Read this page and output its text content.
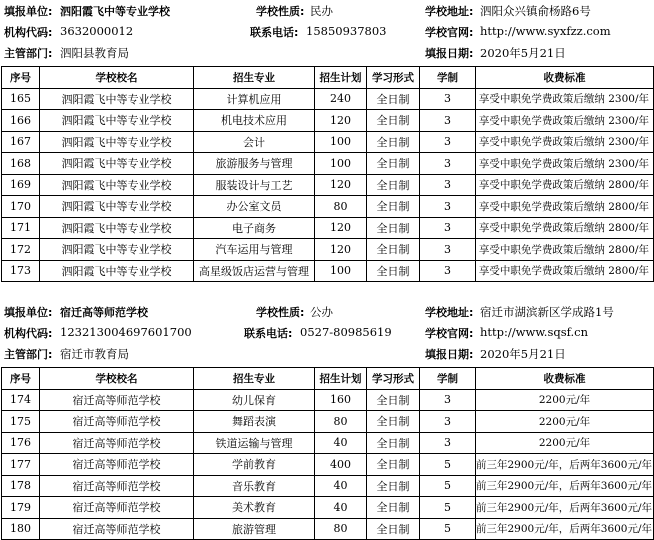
填报单位: 泗阳霞飞中等专业学校	学校性质: 民办	学校地址: 泗阳众兴镇俞杨路6号
机构代码: 3632000012	联系电话: 15850937803	学校官网: http://www.syxfzz.com
主管部门: 泗阳县教育局	填报日期: 2020年5月21日
序号	学校校名	招生专业	招生计划	学习形式	学制	收费标准
165	泗阳霞飞中等专业学校	计算机应用	240	全日制	3	享受中职免学费政策后缴纳 2300/年
166	泗阳霞飞中等专业学校	机电技术应用	120	全日制	3	享受中职免学费政策后缴纳 2300/年
167	泗阳霞飞中等专业学校	会计	100	全日制	3	享受中职免学费政策后缴纳 2300/年
168	泗阳霞飞中等专业学校	旅游服务与管理	100	全日制	3	享受中职免学费政策后缴纳 2300/年
169	泗阳霞飞中等专业学校	服装设计与工艺	120	全日制	3	享受中职免学费政策后缴纳 2800/年
170	泗阳霞飞中等专业学校	办公室文员	80	全日制	3	享受中职免学费政策后缴纳 2800/年
171	泗阳霞飞中等专业学校	电子商务	120	全日制	3	享受中职免学费政策后缴纳 2800/年
172	泗阳霞飞中等专业学校	汽车运用与管理	120	全日制	3	享受中职免学费政策后缴纳 2800/年
173	泗阳霞飞中等专业学校	高星级饭店运营与管理	100	全日制	3	享受中职免学费政策后缴纳 2800/年
填报单位: 宿迁高等师范学校	学校性质: 公办	学校地址: 宿迁市湖滨新区学成路1号
机构代码: 123213004697601700	联系电话: 0527-80985619	学校官网: http://www.sqsf.cn
主管部门: 宿迁市教育局	填报日期: 2020年5月21日
序号	学校校名	招生专业	招生计划	学习形式	学制	收费标准
174	宿迁高等师范学校	幼儿保育	160	全日制	3	2200元/年
175	宿迁高等师范学校	舞蹈表演	80	全日制	3	2200元/年
176	宿迁高等师范学校	铁道运输与管理	40	全日制	3	2200元/年
177	宿迁高等师范学校	学前教育	400	全日制	5	前三年2900元/年，后两年3600元/年
178	宿迁高等师范学校	音乐教育	40	全日制	5	前三年2900元/年，后两年3600元/年
179	宿迁高等师范学校	美术教育	40	全日制	5	前三年2900元/年，后两年3600元/年
180	宿迁高等师范学校	旅游管理	80	全日制	5	前三年2900元/年，后两年3600元/年
